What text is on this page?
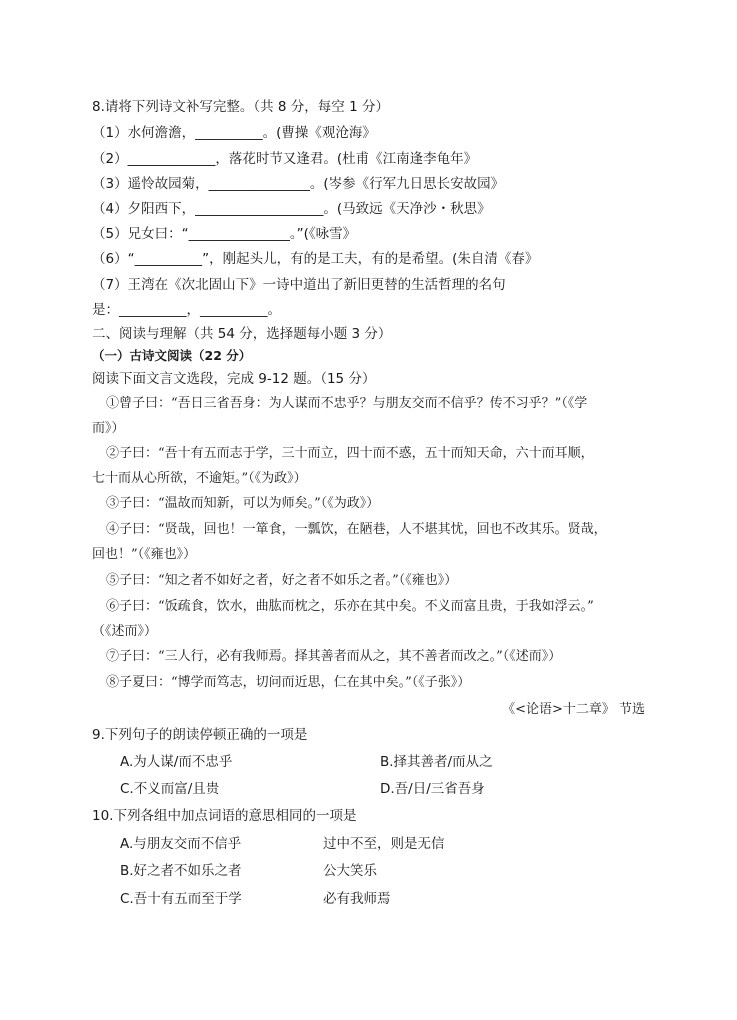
8.请将下列诗文补写完整。（共 8 分，每空 1 分）
（1）水何澹澹，__________。(曹操《观沧海》
（2）_____________，落花时节又逢君。(杜甫《江南逢李龟年》
（3）遥怜故园菊，_______________。(岑参《行军九日思长安故园》
（4）夕阳西下，___________________。(马致远《天净沙・秋思》
（5）兄女曰：“_______________。”(《咏雪》
（6）“__________”，刚起头儿，有的是工夫，有的是希望。(朱自清《春》
（7）王湾在《次北固山下》一诗中道出了新旧更替的生活哲理的名句
是：__________，__________。
二、阅读与理解（共 54 分，选择题每小题 3 分）
（一）古诗文阅读（22 分）
阅读下面文言文选段，完成 9-12 题。（15 分）
①曾子曰：“吾日三省吾身：为人谋而不忠乎？与朋友交而不信乎？传不习乎？”（《学
而》）
②子曰：“吾十有五而志于学，三十而立，四十而不惑，五十而知天命，六十而耳顺，
七十而从心所欲，不逾矩。”（《为政》）
③子曰：“温故而知新，可以为师矣。”（《为政》）
④子曰：“贤哉，回也！一箪食，一瓢饮，在陋巷，人不堪其忧，回也不改其乐。贤哉，
回也！”（《雍也》）
⑤子曰：“知之者不如好之者，好之者不如乐之者。”（《雍也》）
⑥子曰：“饭疏食，饮水，曲肱而枕之，乐亦在其中矣。不义而富且贵，于我如浮云。”
（《述而》）
⑦子曰：“三人行，必有我师焉。择其善者而从之，其不善者而改之。”（《述而》）
⑧子夏曰：“博学而笃志，切问而近思，仁在其中矣。”（《子张》）
《<论语>十二章》 节选
9.下列句子的朗读停顿正确的一项是
A.为人谋/而不忠乎	B.择其善者/而从之
C.不义而富/且贵	D.吾/日/三省吾身
10.下列各组中加点词语的意思相同的一项是
A.与朋友交而不信乎	过中不至，则是无信
B.好之者不如乐之者	公大笑乐
C.吾十有五而至于学	必有我师焉
